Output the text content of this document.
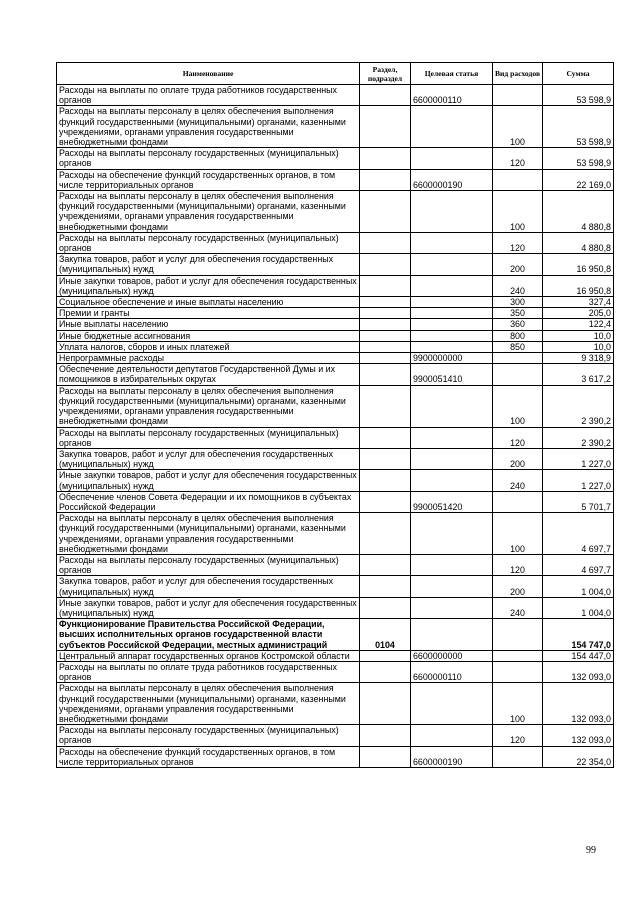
Наименование	Раздел, подраздел	Целевая статья	Вид расходов	Сумма
Расходы на выплаты по оплате труда работников государственных органов		6600000110		53 598,9
Расходы на выплаты персоналу в целях обеспечения выполнения функций государственными (муниципальными) органами, казенными учреждениями, органами управления государственными внебюджетными фондами			100	53 598,9
Расходы на выплаты персоналу государственных (муниципальных) органов			120	53 598,9
Расходы на обеспечение функций государственных органов, в том числе территориальных органов		6600000190		22 169,0
Расходы на выплаты персоналу в целях обеспечения выполнения функций государственными (муниципальными) органами, казенными учреждениями, органами управления государственными внебюджетными фондами			100	4 880,8
Расходы на выплаты персоналу государственных (муниципальных) органов			120	4 880,8
Закупка товаров, работ и услуг для обеспечения государственных (муниципальных) нужд			200	16 950,8
Иные закупки товаров, работ и услуг для обеспечения государственных (муниципальных) нужд			240	16 950,8
Социальное обеспечение и иные выплаты населению			300	327,4
Премии и гранты			350	205,0
Иные выплаты населению			360	122,4
Иные бюджетные ассигнования			800	10,0
Уплата налогов, сборов и иных платежей			850	10,0
Непрограммные расходы		9900000000		9 318,9
Обеспечение деятельности депутатов Государственной Думы и их помощников в избирательных округах		9900051410		3 617,2
Расходы на выплаты персоналу в целях обеспечения выполнения функций государственными (муниципальными) органами, казенными учреждениями, органами управления государственными внебюджетными фондами			100	2 390,2
Расходы на выплаты персоналу государственных (муниципальных) органов			120	2 390,2
Закупка товаров, работ и услуг для обеспечения государственных (муниципальных) нужд			200	1 227,0
Иные закупки товаров, работ и услуг для обеспечения государственных (муниципальных) нужд			240	1 227,0
Обеспечение членов Совета Федерации и их помощников в субъектах Российской Федерации		9900051420		5 701,7
Расходы на выплаты персоналу в целях обеспечения выполнения функций государственными (муниципальными) органами, казенными учреждениями, органами управления государственными внебюджетными фондами			100	4 697,7
Расходы на выплаты персоналу государственных (муниципальных) органов			120	4 697,7
Закупка товаров, работ и услуг для обеспечения государственных (муниципальных) нужд			200	1 004,0
Иные закупки товаров, работ и услуг для обеспечения государственных (муниципальных) нужд			240	1 004,0
Функционирование Правительства Российской Федерации, высших исполнительных органов государственной власти субъектов Российской Федерации, местных администраций	0104			154 747,0
Центральный аппарат государственных органов Костромской области		6600000000		154 447,0
Расходы на выплаты по оплате труда работников государственных органов		6600000110		132 093,0
Расходы на выплаты персоналу в целях обеспечения выполнения функций государственными (муниципальными) органами, казенными учреждениями, органами управления государственными внебюджетными фондами			100	132 093,0
Расходы на выплаты персоналу государственных (муниципальных) органов			120	132 093,0
Расходы на обеспечение функций государственных органов, в том числе территориальных органов		6600000190		22 354,0
99
